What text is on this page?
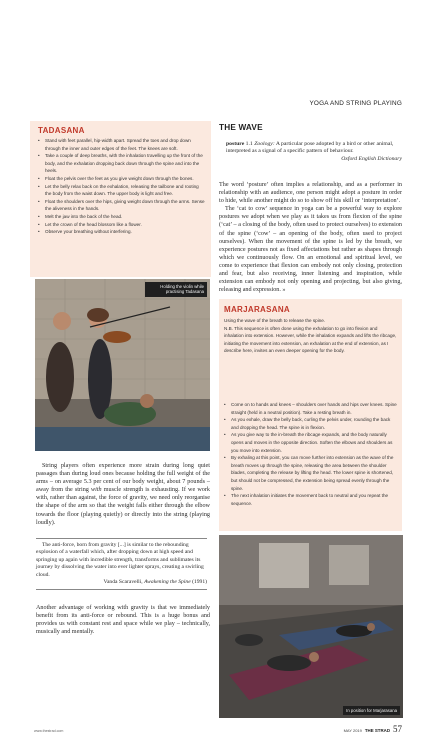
YOGA AND STRING PLAYING
TADASANA
• Stand with feet parallel, hip-width apart. Spread the toes and drop down through the inner and outer edges of the feet. The knees are soft.
• Take a couple of deep breaths, with the inhalation travelling up the front of the body, and the exhalation dropping back down through the spine and into the heels.
• Float the pelvis over the feet as you give weight down through the bones.
• Let the belly relax back on the exhalation, releasing the tailbone and rooting the body from the waist down. The upper body is light and free.
• Float the shoulders over the hips, giving weight down through the arms. Sense the aliveness in the hands.
• Melt the jaw into the back of the head.
• Let the crown of the head blossom like a flower.
• Observe your breathing without interfering.
Holding the violin while practising Tadasana

String players often experience more strain during long quiet passages than during loud ones because holding the full weight of the arms – on average 5.3 per cent of our body weight, about 7 pounds – away from the string with muscle strength is exhausting. If we work with, rather than against, the force of gravity, we need only reorganise the shape of the arm so that the weight falls either through the elbow towards the floor (playing quietly) or directly into the string (playing loudly).

The anti-force, born from gravity [...] is similar to the rebounding explosion of a waterfall which, after dropping down at high speed and springing up again with incredible strength, transforms and sublimates its journey by dissolving the water into ever lighter sprays, creating a swirling cloud.

Vanda Scaravelli, Awakening the Spine (1991)

Another advantage of working with gravity is that we immediately benefit from its anti-force or rebound. This is a huge bonus and provides us with constant rest and space while we play – technically, musically and mentally.

THE WAVE
posture 1.1 Zoology: A particular pose adopted by a bird or other animal, interpreted as a signal of a specific pattern of behaviour.
Oxford English Dictionary

The word ‘posture’ often implies a relationship, and as a performer in relationship with an audience, one person might adopt a posture in order to hide, while another might do so to show off his skill or ‘interpretation’.

The ‘cat to cow’ sequence in yoga can be a powerful way to explore postures we adopt when we play as it takes us from flexion of the spine (‘cat’ – a closing of the body, often used to protect ourselves) to extension of the spine (‘cow’ – an opening of the body, often used to project ourselves). When the movement of the spine is led by the breath, we experience postures not as fixed affectations but rather as shapes through which we continuously flow. On an emotional and spiritual level, we come to experience that flexion can embody not only closing, protection and fear, but also receiving, inner listening and inspiration, while extension can embody not only opening and projecting, but also giving, releasing and expression. »

MARJARASANA

Using the wave of the breath to release the spine.

N.B. This sequence is often done using the exhalation to go into flexion and inhalation into extension. However, while the inhalation expands and lifts the ribcage, initiating the movement into extension, an exhalation at the end of extension, as I describe here, invites an even deeper opening for the body.

• Come on to hands and knees – shoulders over hands and hips over knees. Spine straight (held in a neutral position). Take a resting breath in.
• As you exhale, draw the belly back, curling the pelvis under, rounding the back and dropping the head. The spine is in flexion.
• As you give way to the in-breath the ribcage expands, and the body naturally opens and moves in the opposite direction. Soften the elbows and shoulders as you move into extension.
• By exhaling at this point, you can move further into extension as the wave of the breath moves up through the spine, releasing the area between the shoulder blades, completing the release by lifting the head. The lower spine is shortened, but should not be compressed, the extension being spread evenly through the spine.
• The next inhalation initiates the movement back to neutral and you repeat the sequence.
In position for Marjarasana
www.thestrad.com	MAY 2019 THE STRAD 57
